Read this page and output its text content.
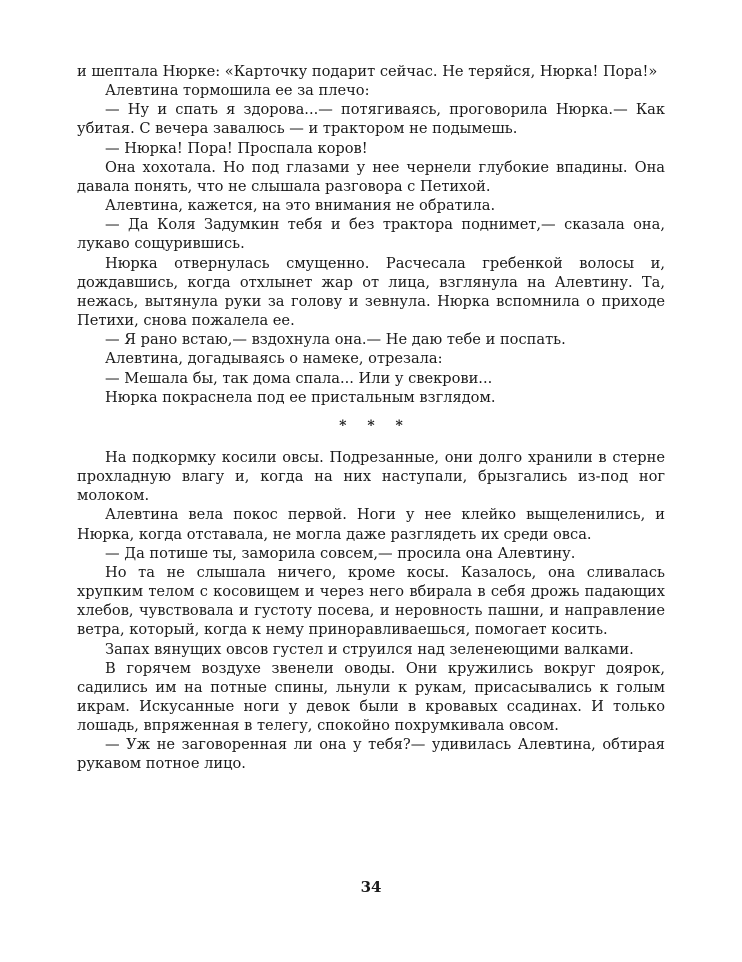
и шептала Нюрке: «Карточку подарит сейчас. Не теряйся, Нюрка! Пора!»

Алевтина тормошила ее за плечо:

— Ну и спать я здорова...— потягиваясь, проговорила Нюрка.— Как убитая. С вечера завалюсь — и трактором не подымешь.

— Нюрка! Пора! Проспала коров!

Она хохотала. Но под глазами у нее чернели глубокие впадины. Она давала понять, что не слышала разговора с Петихой.

Алевтина, кажется, на это внимания не обратила.

— Да Коля Задумкин тебя и без трактора поднимет,— сказала она, лукаво сощурившись.

Нюрка отвернулась смущенно. Расчесала гребенкой волосы и, дождавшись, когда отхлынет жар от лица, взглянула на Алевтину. Та, нежась, вытянула руки за голову и зевнула. Нюрка вспомнила о приходе Петихи, снова пожалела ее.

— Я рано встаю,— вздохнула она.— Не даю тебе и поспать.

Алевтина, догадываясь о намеке, отрезала:

— Мешала бы, так дома спала... Или у свекрови...

Нюрка покраснела под ее пристальным взглядом.

* * *

На подкормку косили овсы. Подрезанные, они долго хранили в стерне прохладную влагу и, когда на них наступали, брызгались из-под ног молоком.

Алевтина вела покос первой. Ноги у нее клейко выщеленились, и Нюрка, когда отставала, не могла даже разглядеть их среди овса.

— Да потише ты, заморила совсем,— просила она Алевтину.

Но та не слышала ничего, кроме косы. Казалось, она сливалась хрупким телом с косовищем и через него вбирала в себя дрожь падающих хлебов, чувствовала и густоту посева, и неровность пашни, и направление ветра, который, когда к нему приноравливаешься, помогает косить.

Запах вянущих овсов густел и струился над зеленеющими валками.

В горячем воздухе звенели оводы. Они кружились вокруг доярок, садились им на потные спины, льнули к рукам, присасывались к голым икрам. Искусанные ноги у девок были в кровавых ссадинах. И только лошадь, впряженная в телегу, спокойно похрумкивала овсом.

— Уж не заговоренная ли она у тебя?— удивилась Алевтина, обтирая рукавом потное лицо.

34
